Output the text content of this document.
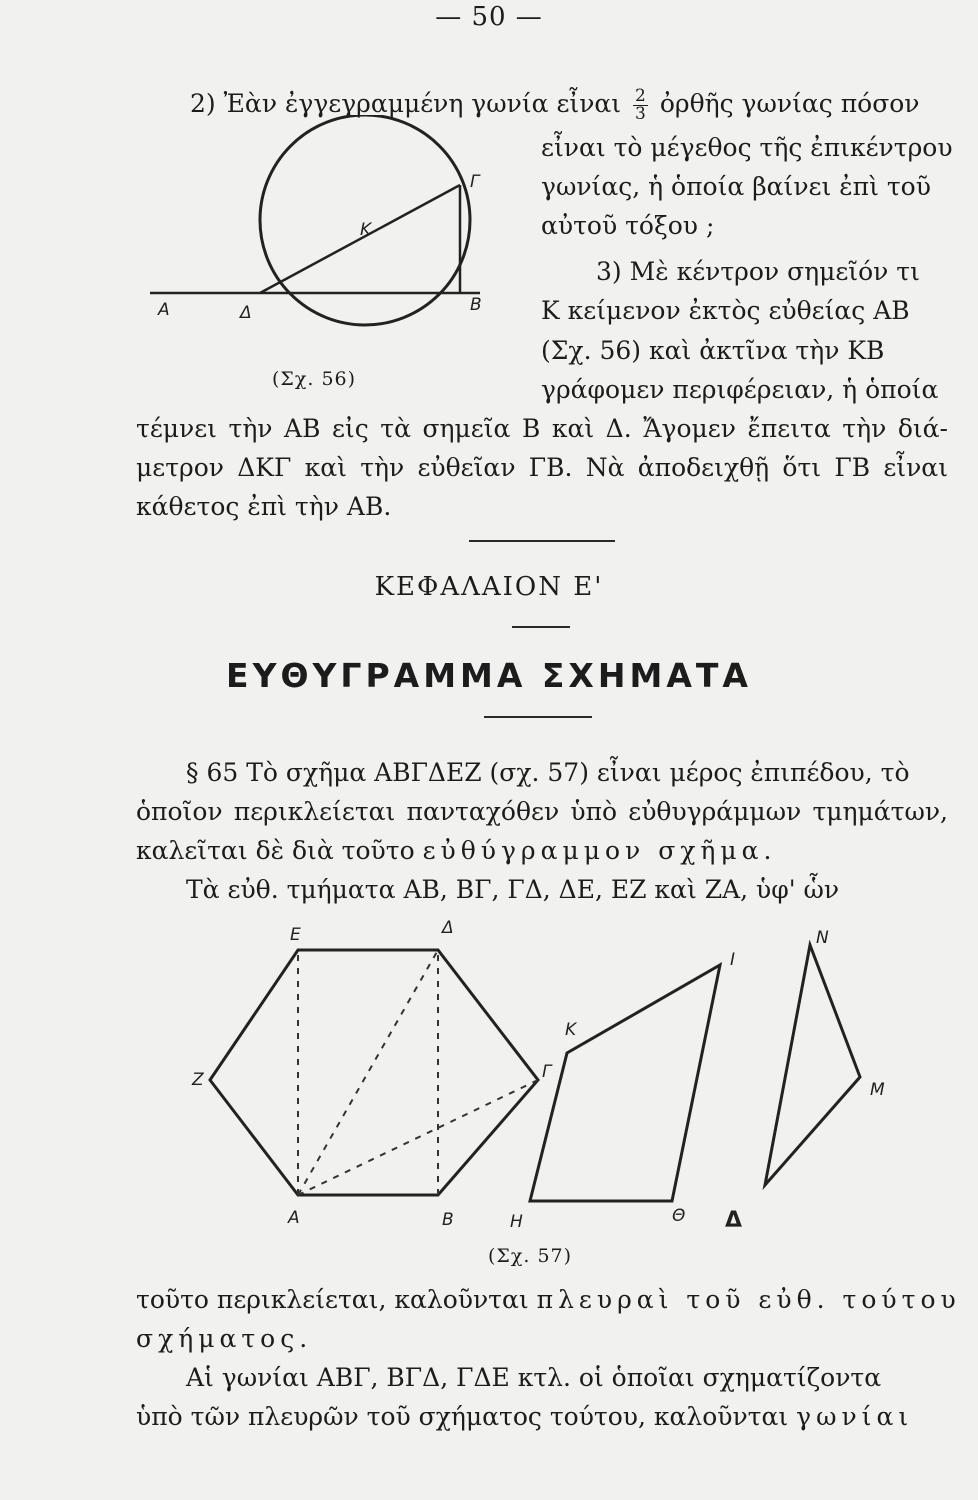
— 50 —
2) Ἐὰν ἐγγεγραμμένη γωνία εἶναι $\frac{2}{3}$ ὀρθῆς γωνίας πόσον
εἶναι τὸ μέγεθος τῆς ἐπικέντρου
γωνίας, ἡ ὁποία βαίνει ἐπὶ τοῦ
αὐτοῦ τόξου ;
3) Μὲ κέντρον σημεῖόν τι
Κ κείμενον ἐκτὸς εὐθείας ΑΒ
(Σχ. 56) καὶ ἀκτῖνα τὴν ΚΒ
γράφομεν περιφέρειαν, ἡ ὁποία
τέμνει τὴν ΑΒ εἰς τὰ σημεῖα Β καὶ Δ. Ἄγομεν ἔπειτα τὴν διά-
μετρον ΔΚΓ καὶ τὴν εὐθεῖαν ΓΒ. Νὰ ἀποδειχθῇ ὅτι ΓΒ εἶναι
κάθετος ἐπὶ τὴν ΑΒ.
Γ
Κ
Α	Δ	Β
(Σχ. 56)
ΚΕΦΑΛΑΙΟΝ Ε'
ΕΥΘΥΓΡΑΜΜΑ ΣΧΗΜΑΤΑ
§ 65 Τὸ σχῆμα ΑΒΓΔΕΖ (σχ. 57) εἶναι μέρος ἐπιπέδου, τὸ
ὁποῖον περικλείεται πανταχόθεν ὑπὸ εὐθυγράμμων τμημάτων,
καλεῖται δὲ διὰ τοῦτο εὐθύγραμμον σχῆμα.
Τὰ εὐθ. τμήματα ΑΒ, ΒΓ, ΓΔ, ΔΕ, ΕΖ καὶ ΖΑ, ὑφ' ὧν
Ε	Δ
Ζ	Γ
Α	Β
Κ
Ι
Η	Θ
Ν
Μ
Δ
(Σχ. 57)
τοῦτο περικλείεται, καλοῦνται πλευραὶ τοῦ εὐθ. τούτου
σχήματος.
Αἱ γωνίαι ΑΒΓ, ΒΓΔ, ΓΔΕ κτλ. οἱ ὁποῖαι σχηματίζοντα
ὑπὸ τῶν πλευρῶν τοῦ σχήματος τούτου, καλοῦνται γωνίαι
